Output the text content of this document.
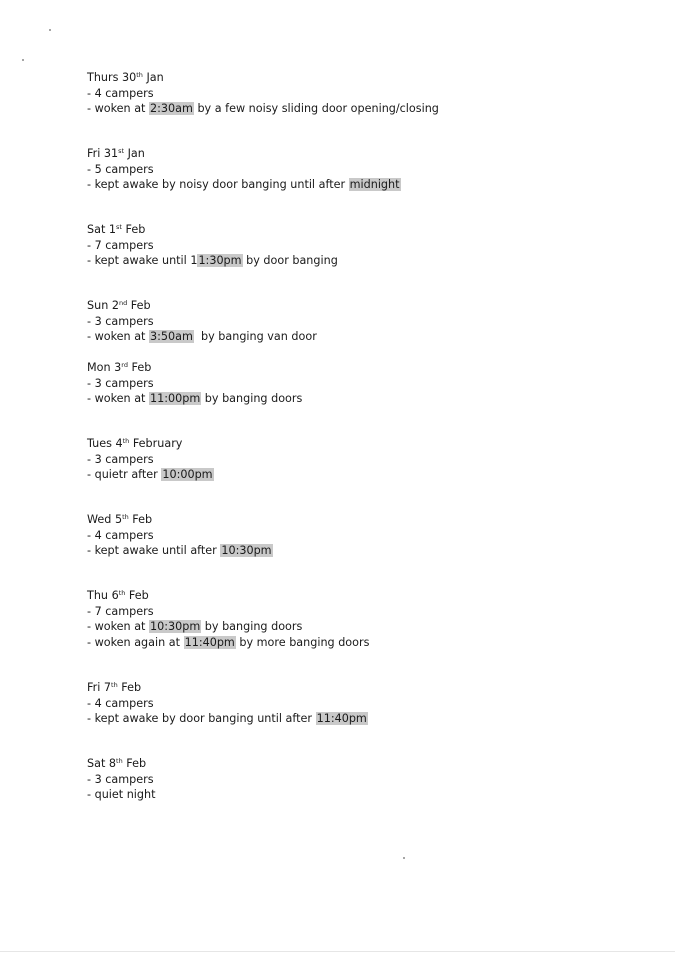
Thurs 30th Jan
- 4 campers
- woken at 2:30am by a few noisy sliding door opening/closing
Fri 31st Jan
- 5 campers
- kept awake by noisy door banging until after midnight
Sat 1st Feb
- 7 campers
- kept awake until 11:30pm by door banging
Sun 2nd Feb
- 3 campers
- woken at 3:50am  by banging van door
Mon 3rd Feb
- 3 campers
- woken at 11:00pm by banging doors
Tues 4th February
- 3 campers
- quietr after 10:00pm
Wed 5th Feb
- 4 campers
- kept awake until after 10:30pm
Thu 6th Feb
- 7 campers
- woken at 10:30pm by banging doors
- woken again at 11:40pm by more banging doors
Fri 7th Feb
- 4 campers
- kept awake by door banging until after 11:40pm
Sat 8th Feb
- 3 campers
- quiet night
